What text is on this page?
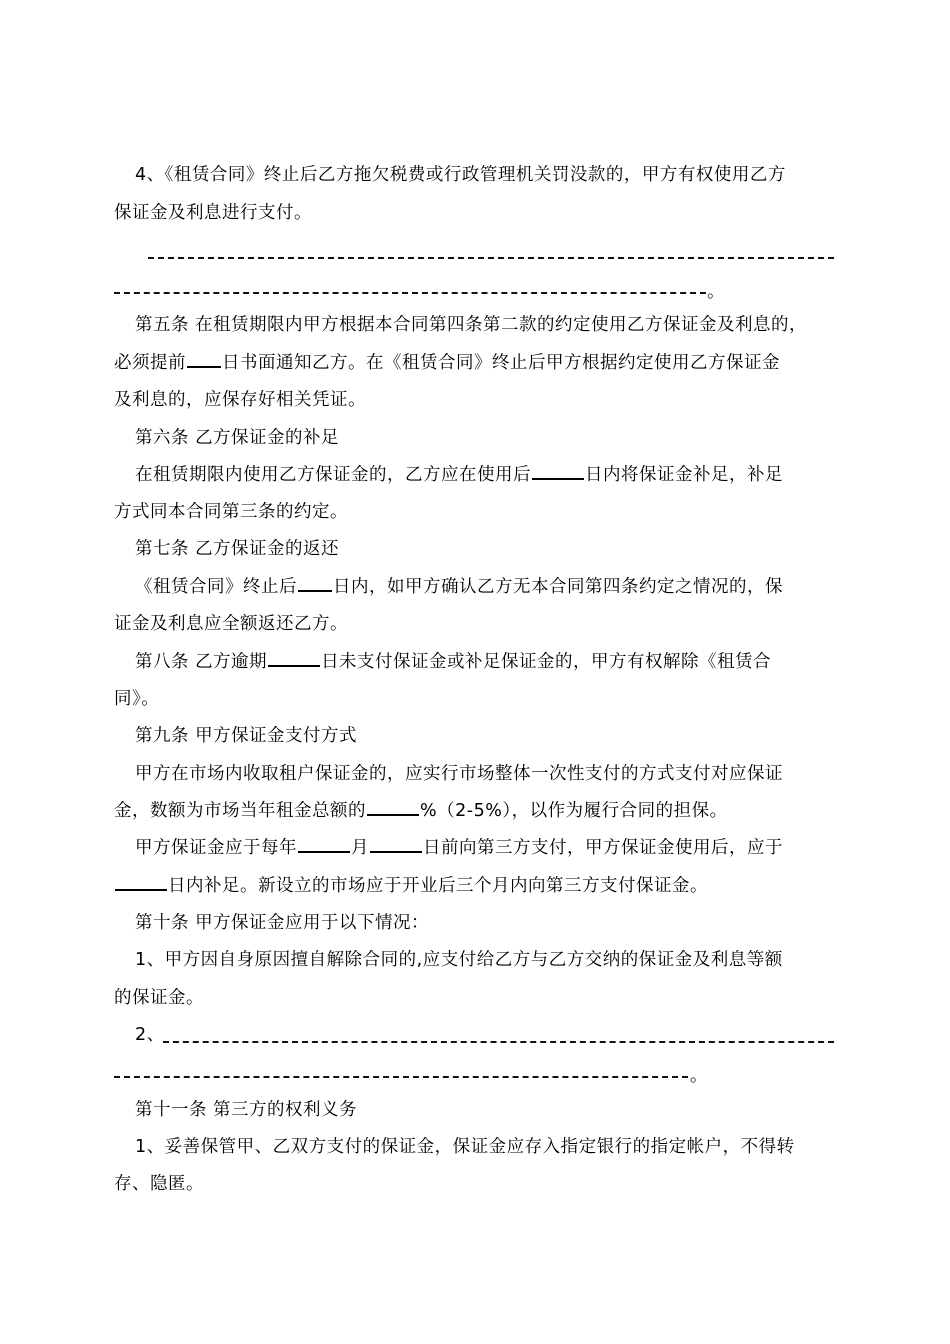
4、《租赁合同》终止后乙方拖欠税费或行政管理机关罚没款的，甲方有权使用乙方
保证金及利息进行支付。
。
第五条 在租赁期限内甲方根据本合同第四条第二款的约定使用乙方保证金及利息的，
必须提前 日书面通知乙方。在《租赁合同》终止后甲方根据约定使用乙方保证金
及利息的，应保存好相关凭证。
第六条 乙方保证金的补足
在租赁期限内使用乙方保证金的，乙方应在使用后	日内将保证金补足，补足
方式同本合同第三条的约定。
第七条 乙方保证金的返还
《租赁合同》终止后 日内，如甲方确认乙方无本合同第四条约定之情况的，保
证金及利息应全额返还乙方。
第八条 乙方逾期	日未支付保证金或补足保证金的，甲方有权解除《租赁合
同》。
第九条 甲方保证金支付方式
甲方在市场内收取租户保证金的，应实行市场整体一次性支付的方式支付对应保证
金，数额为市场当年租金总额的	%（2-5%），以作为履行合同的担保。
甲方保证金应于每年	月	日前向第三方支付，甲方保证金使用后，应于
日内补足。新设立的市场应于开业后三个月内向第三方支付保证金。
第十条 甲方保证金应用于以下情况：
1、甲方因自身原因擅自解除合同的,应支付给乙方与乙方交纳的保证金及利息等额
的保证金。
2、
。
第十一条 第三方的权利义务
1、妥善保管甲、乙双方支付的保证金，保证金应存入指定银行的指定帐户，不得转
存、隐匿。
